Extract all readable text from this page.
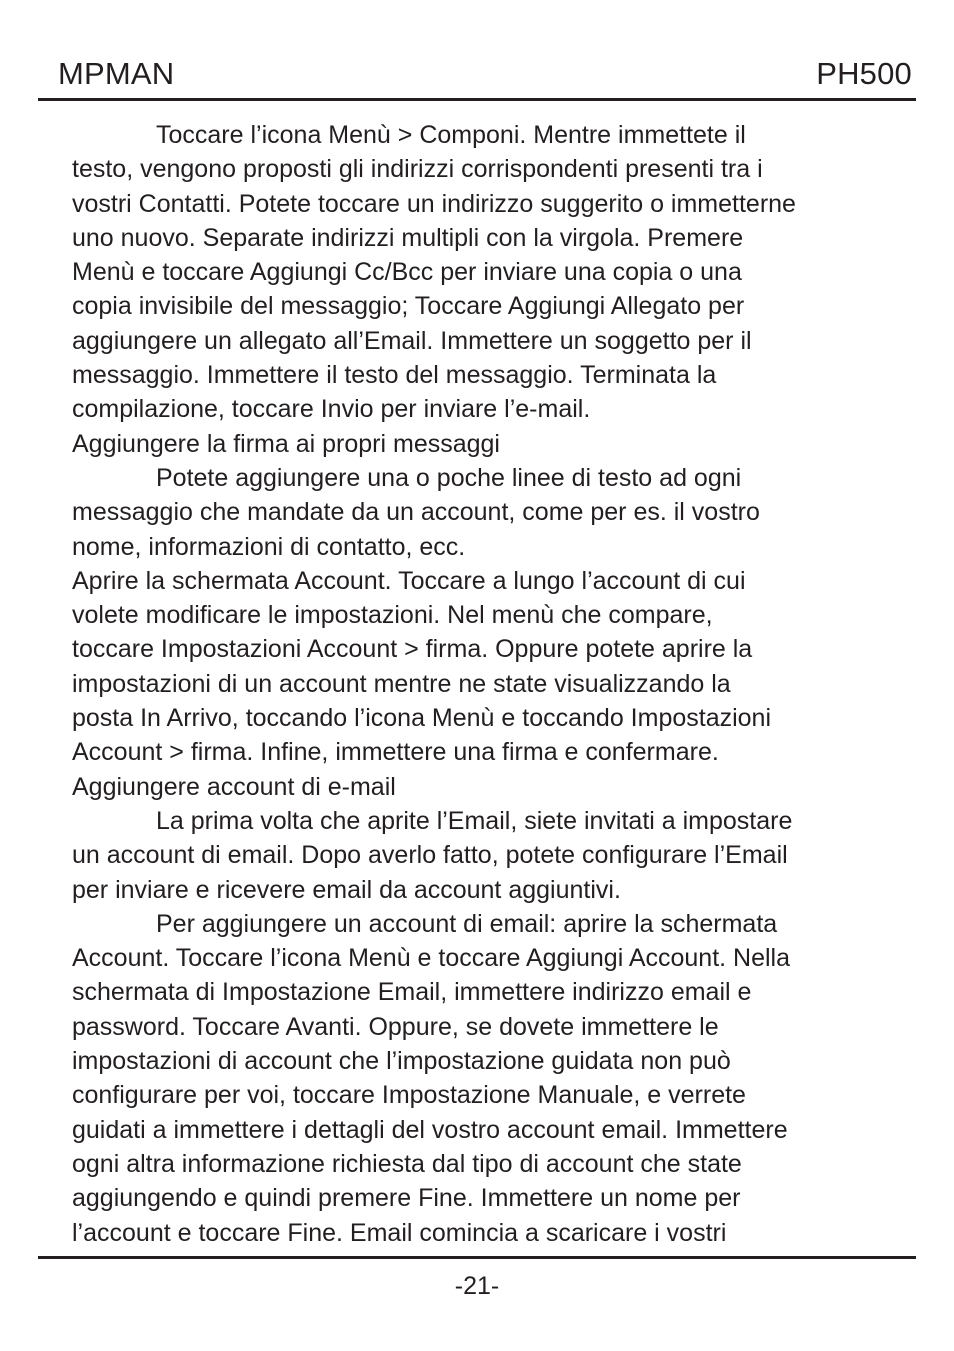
MPMAN	PH500
Toccare l’icona Menù > Componi. Mentre immettete il
testo, vengono proposti gli indirizzi corrispondenti presenti tra i
vostri Contatti. Potete toccare un indirizzo suggerito o immetterne
uno nuovo. Separate indirizzi multipli con la virgola. Premere
Menù e toccare Aggiungi Cc/Bcc per inviare una copia o una
copia invisibile del messaggio; Toccare Aggiungi Allegato per
aggiungere un allegato all’Email. Immettere un soggetto per il
messaggio. Immettere il testo del messaggio. Terminata la
compilazione, toccare Invio per inviare l’e-mail.
Aggiungere la firma ai propri messaggi
Potete aggiungere una o poche linee di testo ad ogni
messaggio che mandate da un account, come per es. il vostro
nome, informazioni di contatto, ecc.
Aprire la schermata Account. Toccare a lungo l’account di cui
volete modificare le impostazioni. Nel menù che compare,
toccare Impostazioni Account > firma. Oppure potete aprire la
impostazioni di un account mentre ne state visualizzando la
posta In Arrivo, toccando l’icona Menù e toccando Impostazioni
Account > firma. Infine, immettere una firma e confermare.
Aggiungere account di e-mail
La prima volta che aprite l’Email, siete invitati a impostare
un account di email. Dopo averlo fatto, potete configurare l’Email
per inviare e ricevere email da account aggiuntivi.
Per aggiungere un account di email: aprire la schermata
Account. Toccare l’icona Menù e toccare Aggiungi Account. Nella
schermata di Impostazione Email, immettere indirizzo email e
password. Toccare Avanti. Oppure, se dovete immettere le
impostazioni di account che l’impostazione guidata non può
configurare per voi, toccare Impostazione Manuale, e verrete
guidati a immettere i dettagli del vostro account email. Immettere
ogni altra informazione richiesta dal tipo di account che state
aggiungendo e quindi premere Fine. Immettere un nome per
l’account e toccare Fine. Email comincia a scaricare i vostri
-21-
